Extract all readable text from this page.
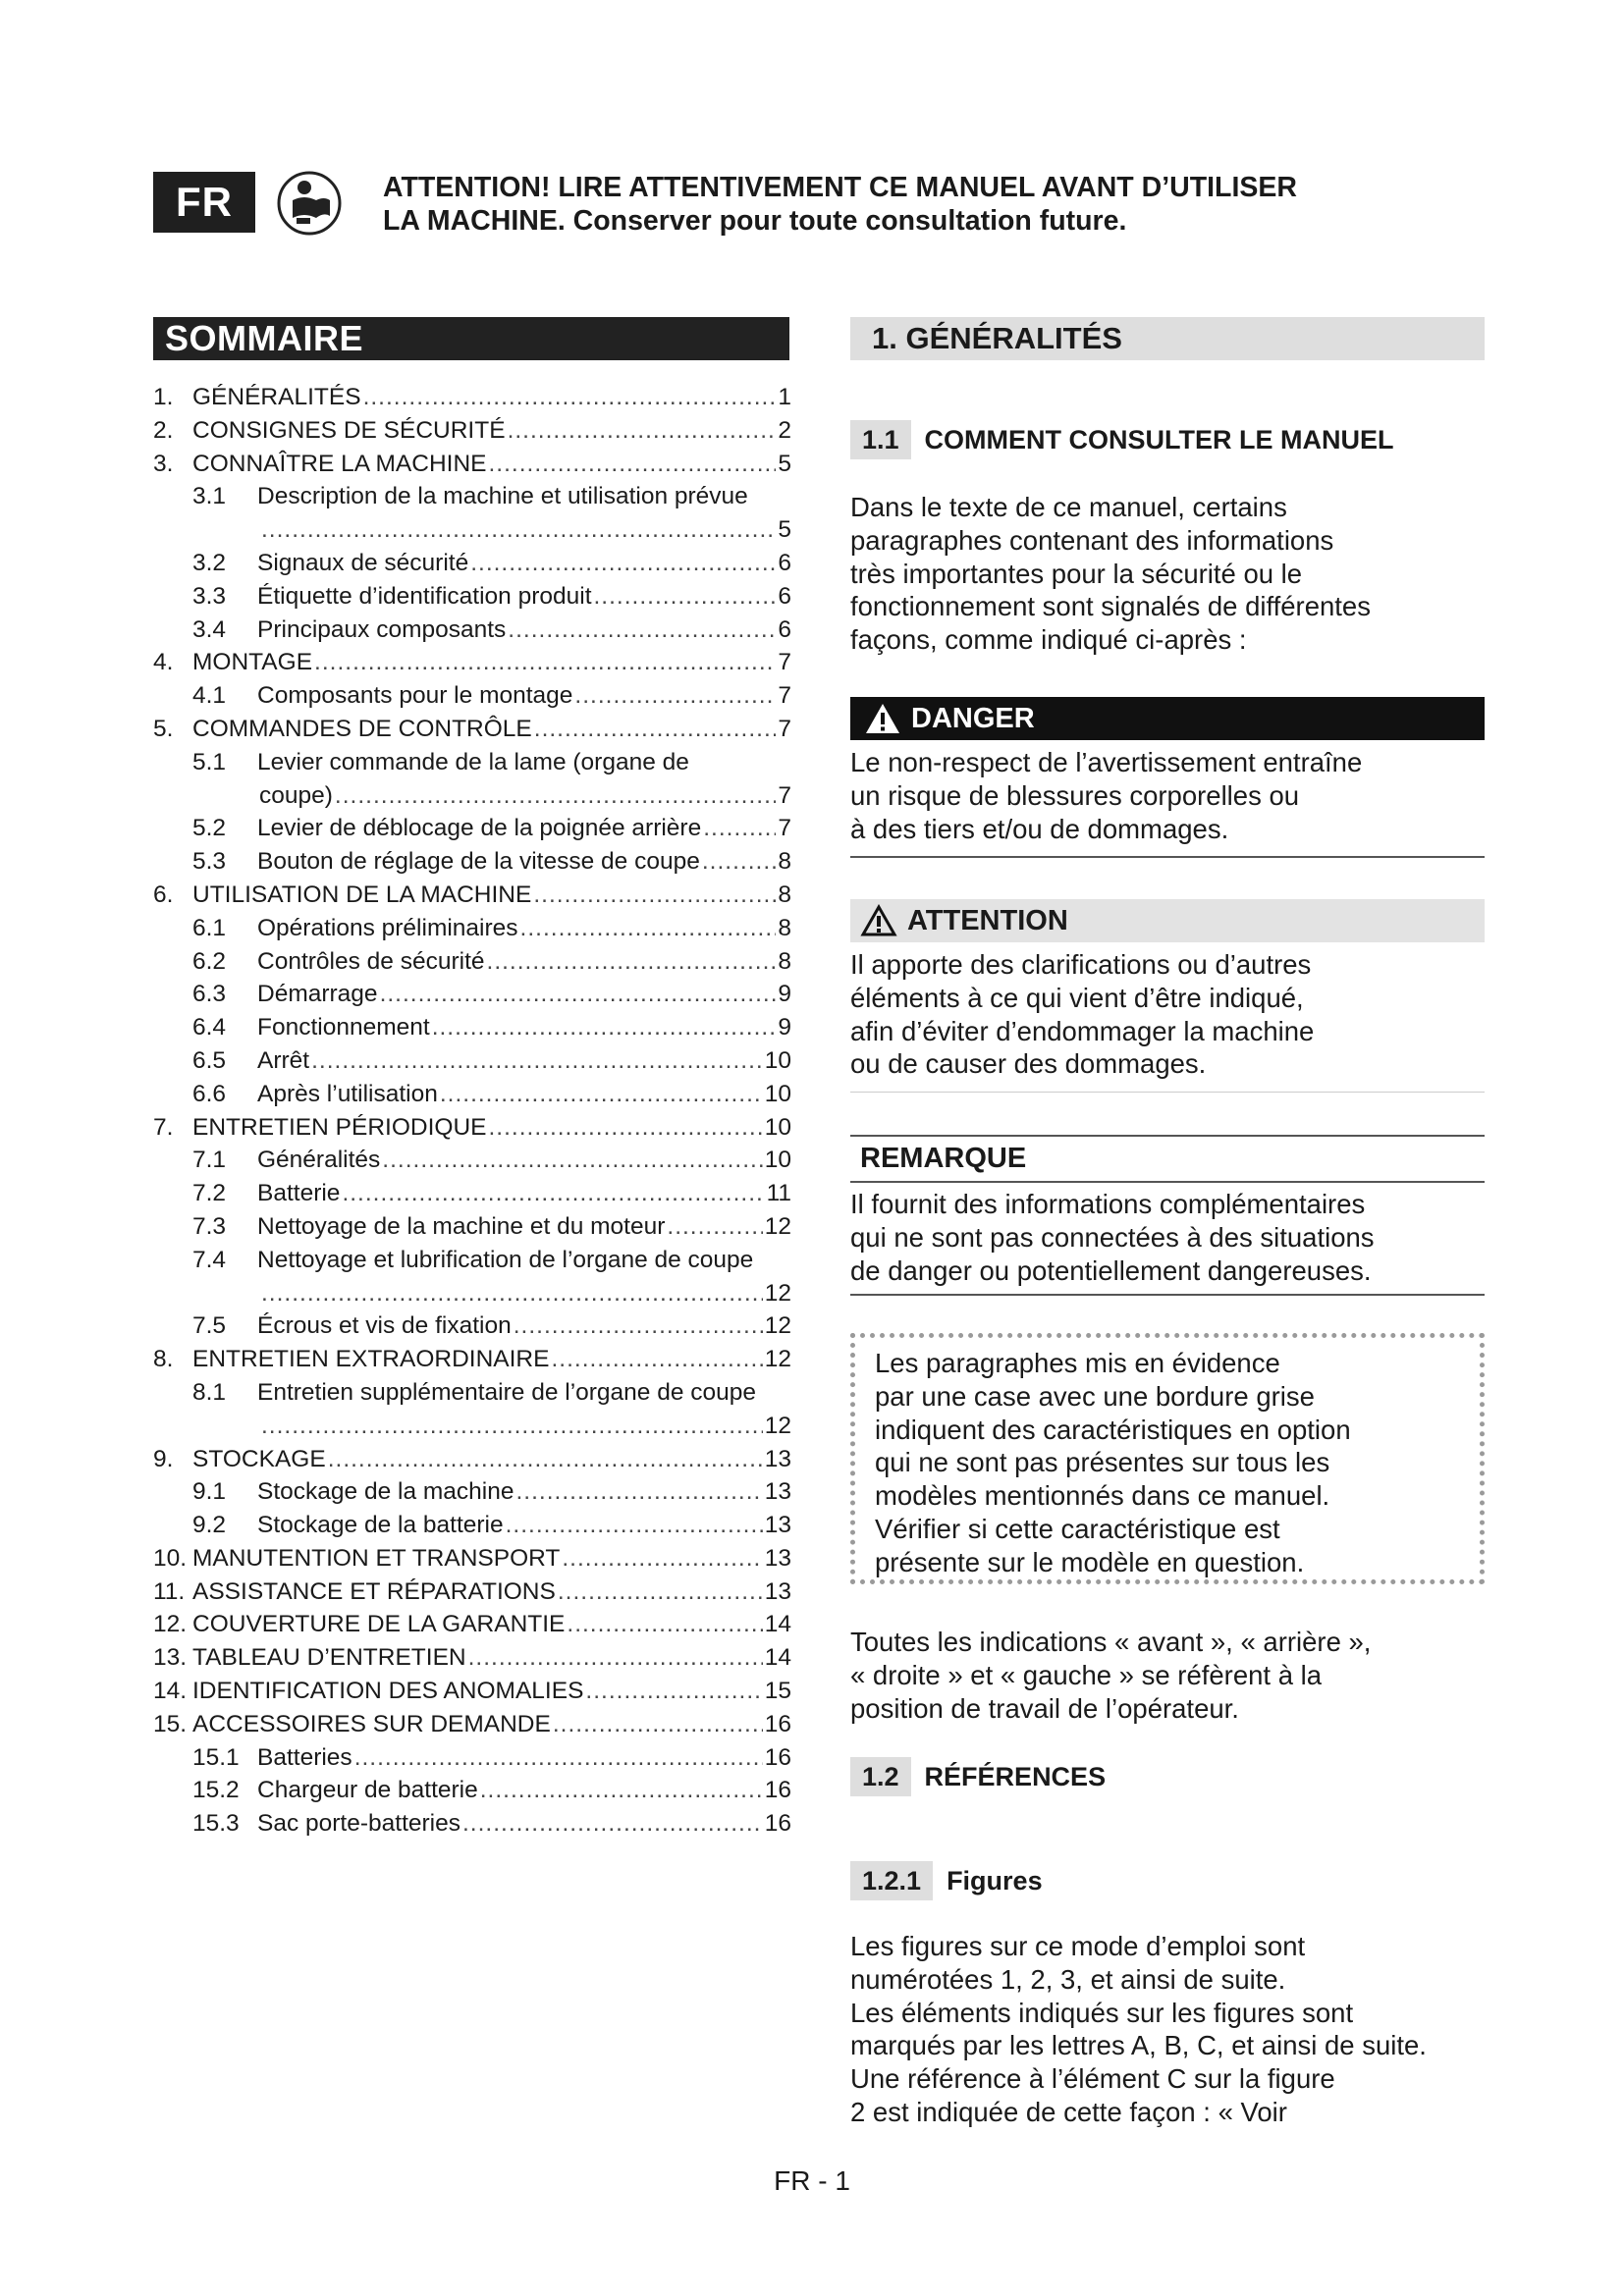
FR	ATTENTION! LIRE ATTENTIVEMENT CE MANUEL AVANT D’UTILISER
LA MACHINE. Conserver pour toute consultation future.
SOMMAIRE
1. GÉNÉRALITÉS .....	1
2. CONSIGNES DE SÉCURITÉ .....	2
3. CONNAÎTRE LA MACHINE .....	5
3.1	Description de la machine et utilisation prévue
.....
5
3.2	Signaux de sécurité .....	6
3.3	Étiquette d’identification produit .....	6
3.4	Principaux composants .....	6
4. MONTAGE .....	7
4.1	Composants pour le montage .....	7
5. COMMANDES DE CONTRÔLE .....	7
5.1	Levier commande de la lame (organe de
coupe) .....	7
5.2	Levier de déblocage de la poignée arrière .....	7
5.3	Bouton de réglage de la vitesse de coupe .....	8
6. UTILISATION DE LA MACHINE .....	8
6.1	Opérations préliminaires .....	8
6.2	Contrôles de sécurité .....	8
6.3	Démarrage .....	9
6.4	Fonctionnement .....	9
6.5	Arrêt .....	10
6.6	Après l’utilisation .....	10
7. ENTRETIEN PÉRIODIQUE .....	10
7.1	Généralités .....	10
7.2	Batterie .....	11
7.3	Nettoyage de la machine et du moteur .....	12
7.4	Nettoyage et lubrification de l’organe de coupe
.....
12
7.5	Écrous et vis de fixation .....	12
8. ENTRETIEN EXTRAORDINAIRE .....	12
8.1	Entretien supplémentaire de l’organe de coupe
.....
12
9. STOCKAGE .....	13
9.1	Stockage de la machine .....	13
9.2	Stockage de la batterie .....	13
10. MANUTENTION ET TRANSPORT .....	13
11. ASSISTANCE ET RÉPARATIONS .....	13
12. COUVERTURE DE LA GARANTIE .....	14
13. TABLEAU D’ENTRETIEN .....	14
14. IDENTIFICATION DES ANOMALIES .....	15
15. ACCESSOIRES SUR DEMANDE .....	16
15.1 Batteries .....	16
15.2 Chargeur de batterie .....	16
15.3 Sac porte-batteries .....	16
1. GÉNÉRALITÉS
1.1 COMMENT CONSULTER LE MANUEL

Dans le texte de ce manuel, certains

paragraphes contenant des informations

très importantes pour la sécurité ou le

fonctionnement sont signalés de différentes

façons, comme indiqué ci-après :

DANGER

Le non-respect de l’avertissement entraîne

un risque de blessures corporelles ou

à des tiers et/ou de dommages.

ATTENTION

Il apporte des clarifications ou d’autres

éléments à ce qui vient d’être indiqué,

afin d’éviter d’endommager la machine

ou de causer des dommages.

REMARQUE

Il fournit des informations complémentaires

qui ne sont pas connectées à des situations

de danger ou potentiellement dangereuses.

Les paragraphes mis en évidence

par une case avec une bordure grise

indiquent des caractéristiques en option

qui ne sont pas présentes sur tous les

modèles mentionnés dans ce manuel.

Vérifier si cette caractéristique est

présente sur le modèle en question.

Toutes les indications « avant », « arrière »,

« droite » et « gauche » se réfèrent à la

position de travail de l’opérateur.

1.2 RÉFÉRENCES
1.2.1 Figures

Les figures sur ce mode d’emploi sont

numérotées 1, 2, 3, et ainsi de suite.

Les éléments indiqués sur les figures sont

marqués par les lettres A, B, C, et ainsi de suite.

Une référence à l’élément C sur la figure

2 est indiquée de cette façon : « Voir

FR - 1
